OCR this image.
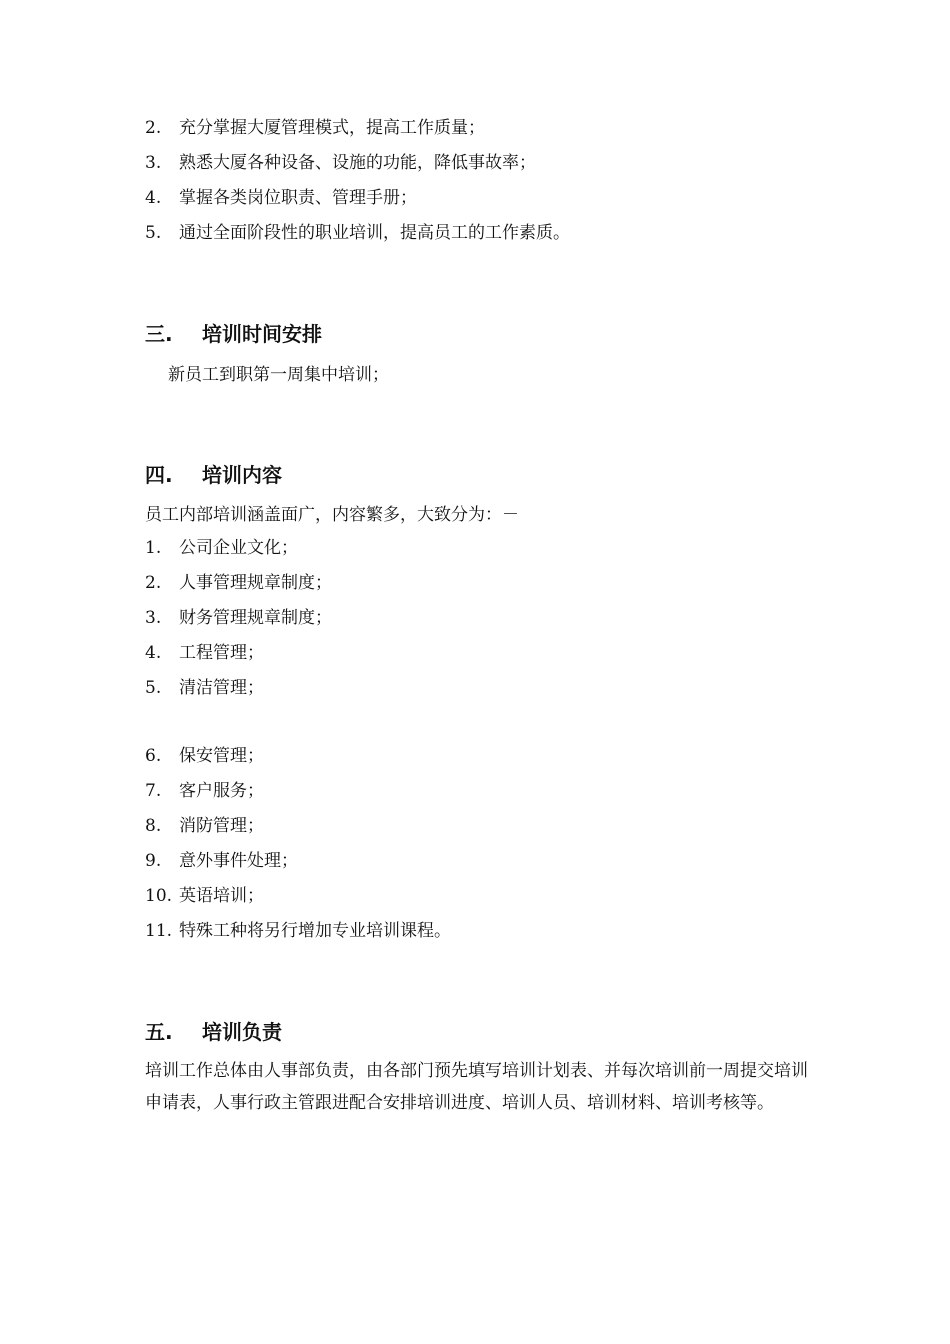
2. 充分掌握大厦管理模式，提高工作质量；
3. 熟悉大厦各种设备、设施的功能，降低事故率；
4. 掌握各类岗位职责、管理手册；
5. 通过全面阶段性的职业培训，提高员工的工作素质。
三. 培训时间安排
新员工到职第一周集中培训；
四. 培训内容
员工内部培训涵盖面广，内容繁多，大致分为：－
1. 公司企业文化；
2. 人事管理规章制度；
3. 财务管理规章制度；
4. 工程管理；
5. 清洁管理；
6. 保安管理；
7. 客户服务；
8. 消防管理；
9. 意外事件处理；
10. 英语培训；
11. 特殊工种将另行增加专业培训课程。
五. 培训负责
培训工作总体由人事部负责，由各部门预先填写培训计划表、并每次培训前一周提交培训申请表，人事行政主管跟进配合安排培训进度、培训人员、培训材料、培训考核等。
